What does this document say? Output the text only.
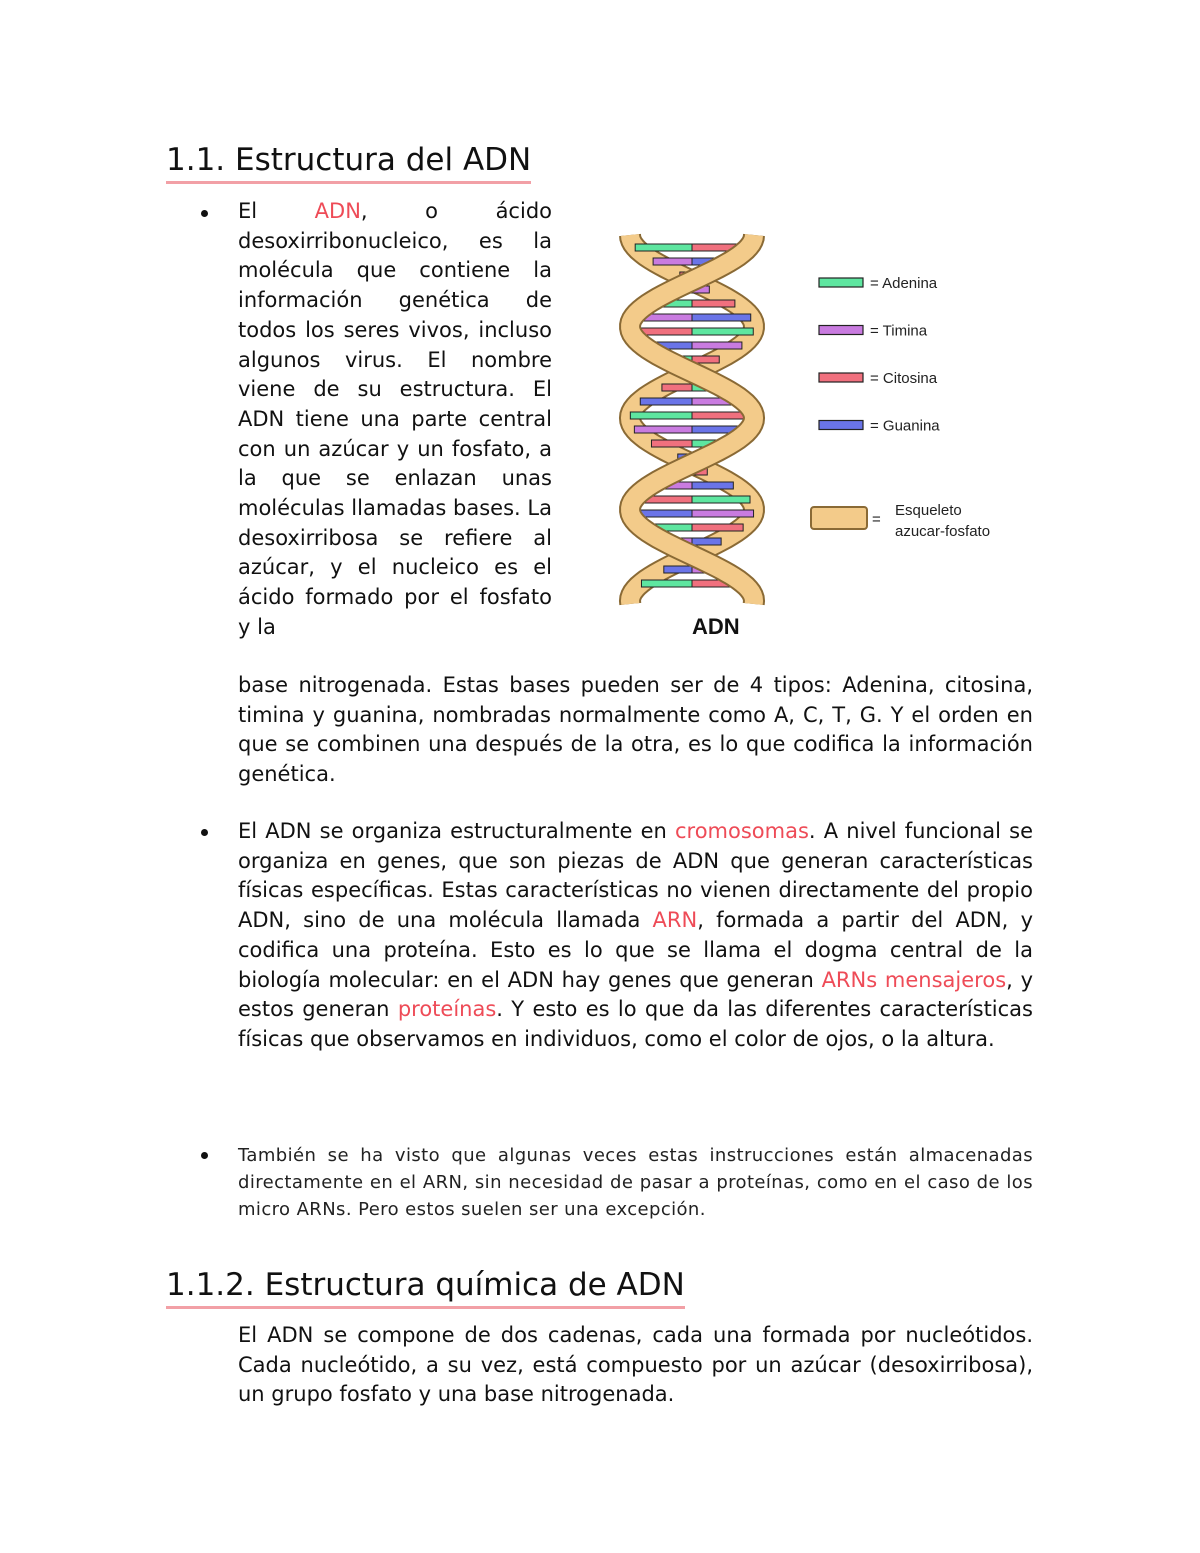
1.1. Estructura del ADN

El ADN, o ácido desoxirribonucleico, es la molécula que contiene la información genética de todos los seres vivos, incluso algunos virus. El nombre viene de su estructura. El ADN tiene una parte central con un azúcar y un fosfato, a la que se enlazan unas moléculas llamadas bases. La desoxirribosa se refiere al azúcar, y el nucleico es el ácido formado por el fosfato y la

base nitrogenada. Estas bases pueden ser de 4 tipos: Adenina, citosina, timina y guanina, nombradas normalmente como A, C, T, G. Y el orden en que se combinen una después de la otra, es lo que codifica la información genética.

= Adenina
= Timina
= Citosina
= Guanina
=
Esqueleto
azucar-fosfato
ADN

El ADN se organiza estructuralmente en cromosomas. A nivel funcional se organiza en genes, que son piezas de ADN que generan características físicas específicas. Estas características no vienen directamente del propio ADN, sino de una molécula llamada ARN, formada a partir del ADN, y codifica una proteína. Esto es lo que se llama el dogma central de la biología molecular: en el ADN hay genes que generan ARNs mensajeros, y estos generan proteínas. Y esto es lo que da las diferentes características físicas que observamos en individuos, como el color de ojos, o la altura.

También se ha visto que algunas veces estas instrucciones están almacenadas directamente en el ARN, sin necesidad de pasar a proteínas, como en el caso de los micro ARNs. Pero estos suelen ser una excepción.

1.1.2. Estructura química de ADN

El ADN se compone de dos cadenas, cada una formada por nucleótidos. Cada nucleótido, a su vez, está compuesto por un azúcar (desoxirribosa), un grupo fosfato y una base nitrogenada.
